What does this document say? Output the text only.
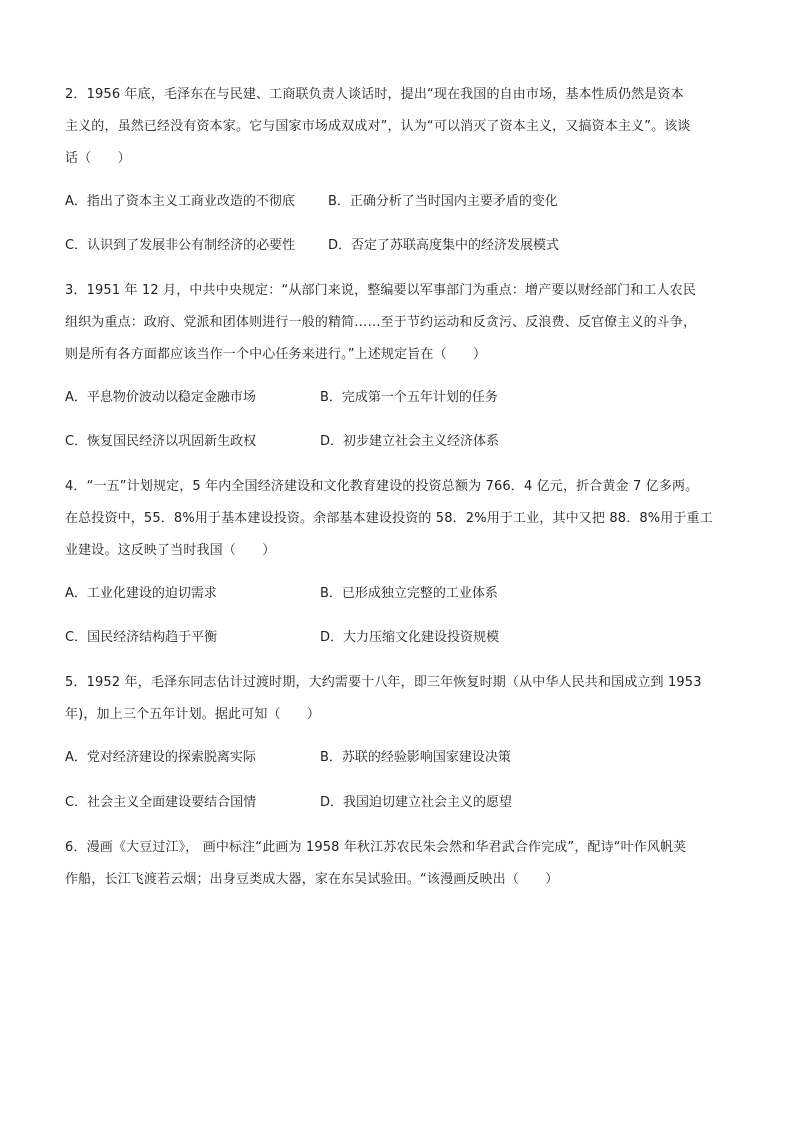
2．1956 年底，毛泽东在与民建、工商联负责人谈话时，提出“现在我国的自由市场，基本性质仍然是资本
主义的，虽然已经没有资本家。它与国家市场成双成对”，认为“可以消灭了资本主义，又搞资本主义”。该谈
话（　　）
A．指出了资本主义工商业改造的不彻底	B．正确分析了当时国内主要矛盾的变化
C．认识到了发展非公有制经济的必要性	D．否定了苏联高度集中的经济发展模式
3．1951 年 12 月，中共中央规定：“从部门来说，整编要以军事部门为重点：增产要以财经部门和工人农民
组织为重点：政府、党派和团体则进行一般的精简……至于节约运动和反贪污、反浪费、反官僚主义的斗争，
则是所有各方面都应该当作一个中心任务来进行。”上述规定旨在（　　）
A．平息物价波动以稳定金融市场	B．完成第一个五年计划的任务
C．恢复国民经济以巩固新生政权	D．初步建立社会主义经济体系
4．“一五”计划规定，5 年内全国经济建设和文化教育建设的投资总额为 766．4 亿元，折合黄金 7 亿多两。
在总投资中，55．8%用于基本建设投资。余部基本建设投资的 58．2%用于工业，其中又把 88．8%用于重工
业建设。这反映了当时我国（　　）
A．工业化建设的迫切需求	B．已形成独立完整的工业体系
C．国民经济结构趋于平衡	D．大力压缩文化建设投资规模
5．1952 年，毛泽东同志估计过渡时期，大约需要十八年，即三年恢复时期（从中华人民共和国成立到 1953
年)，加上三个五年计划。据此可知（　　）
A．党对经济建设的探索脱离实际	B．苏联的经验影响国家建设决策
C．社会主义全面建设要结合国情	D．我国迫切建立社会主义的愿望
6．漫画《大豆过江》， 画中标注“此画为 1958 年秋江苏农民朱会然和华君武合作完成”，配诗“叶作风帆荚
作船，长江飞渡若云烟；出身豆类成大器，家在东吴试验田。“该漫画反映出（　　）
